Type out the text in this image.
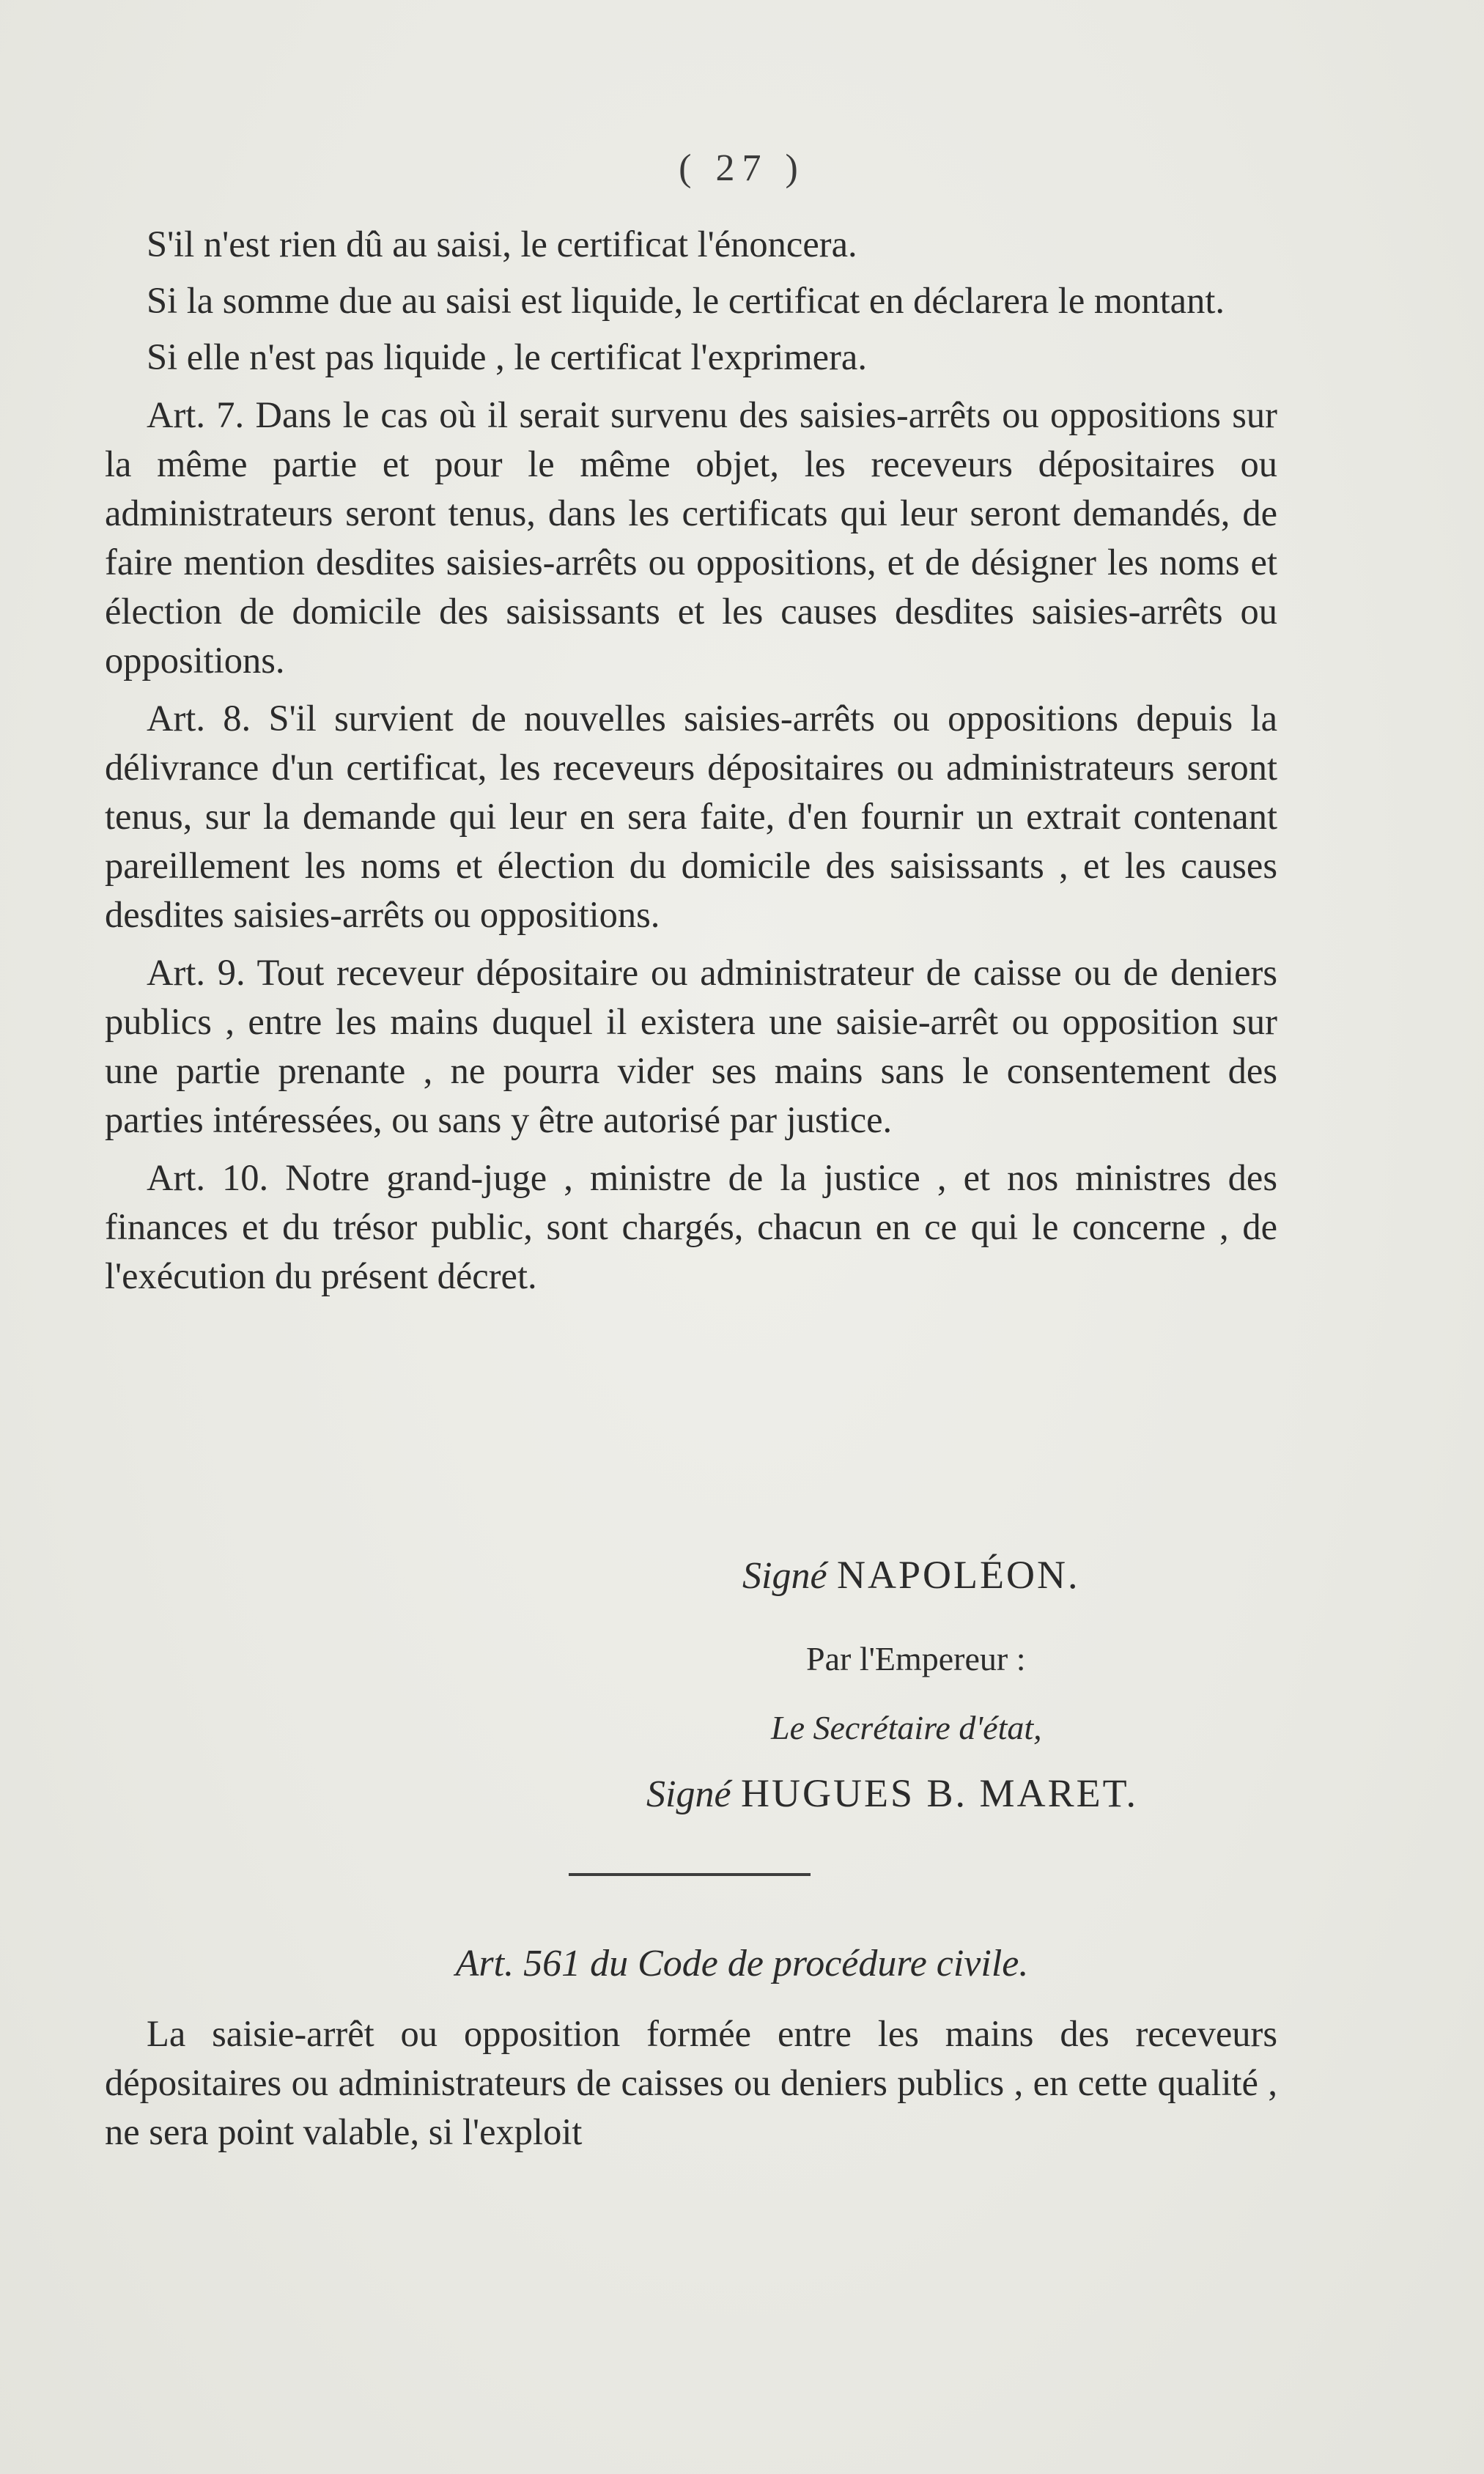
( 27 )

S'il n'est rien dû au saisi, le certificat l'énoncera.

Si la somme due au saisi est liquide, le certificat en déclarera le montant.

Si elle n'est pas liquide , le certificat l'exprimera.

Art. 7. Dans le cas où il serait survenu des saisies-arrêts ou oppositions sur la même partie et pour le même objet, les receveurs dépositaires ou administrateurs seront tenus, dans les certificats qui leur seront demandés, de faire mention desdites saisies-arrêts ou oppositions, et de désigner les noms et élection de domicile des saisissants et les causes desdites saisies-arrêts ou oppositions.

Art. 8. S'il survient de nouvelles saisies-arrêts ou oppositions depuis la délivrance d'un certificat, les receveurs dépositaires ou administrateurs seront tenus, sur la demande qui leur en sera faite, d'en fournir un extrait contenant pareillement les noms et élection du domicile des saisissants , et les causes desdites saisies-arrêts ou oppositions.

Art. 9. Tout receveur dépositaire ou administrateur de caisse ou de deniers publics , entre les mains duquel il existera une saisie-arrêt ou opposition sur une partie prenante , ne pourra vider ses mains sans le consentement des parties intéressées, ou sans y être autorisé par justice.

Art. 10. Notre grand-juge , ministre de la justice , et nos ministres des finances et du trésor public, sont chargés, chacun en ce qui le concerne , de l'exécution du présent décret.

Signé NAPOLÉON.
Par l'Empereur :
Le Secrétaire d'état,
Signé HUGUES B. MARET.
Art. 561 du Code de procédure civile.

La saisie-arrêt ou opposition formée entre les mains des receveurs dépositaires ou administrateurs de caisses ou deniers publics , en cette qualité , ne sera point valable, si l'exploit
